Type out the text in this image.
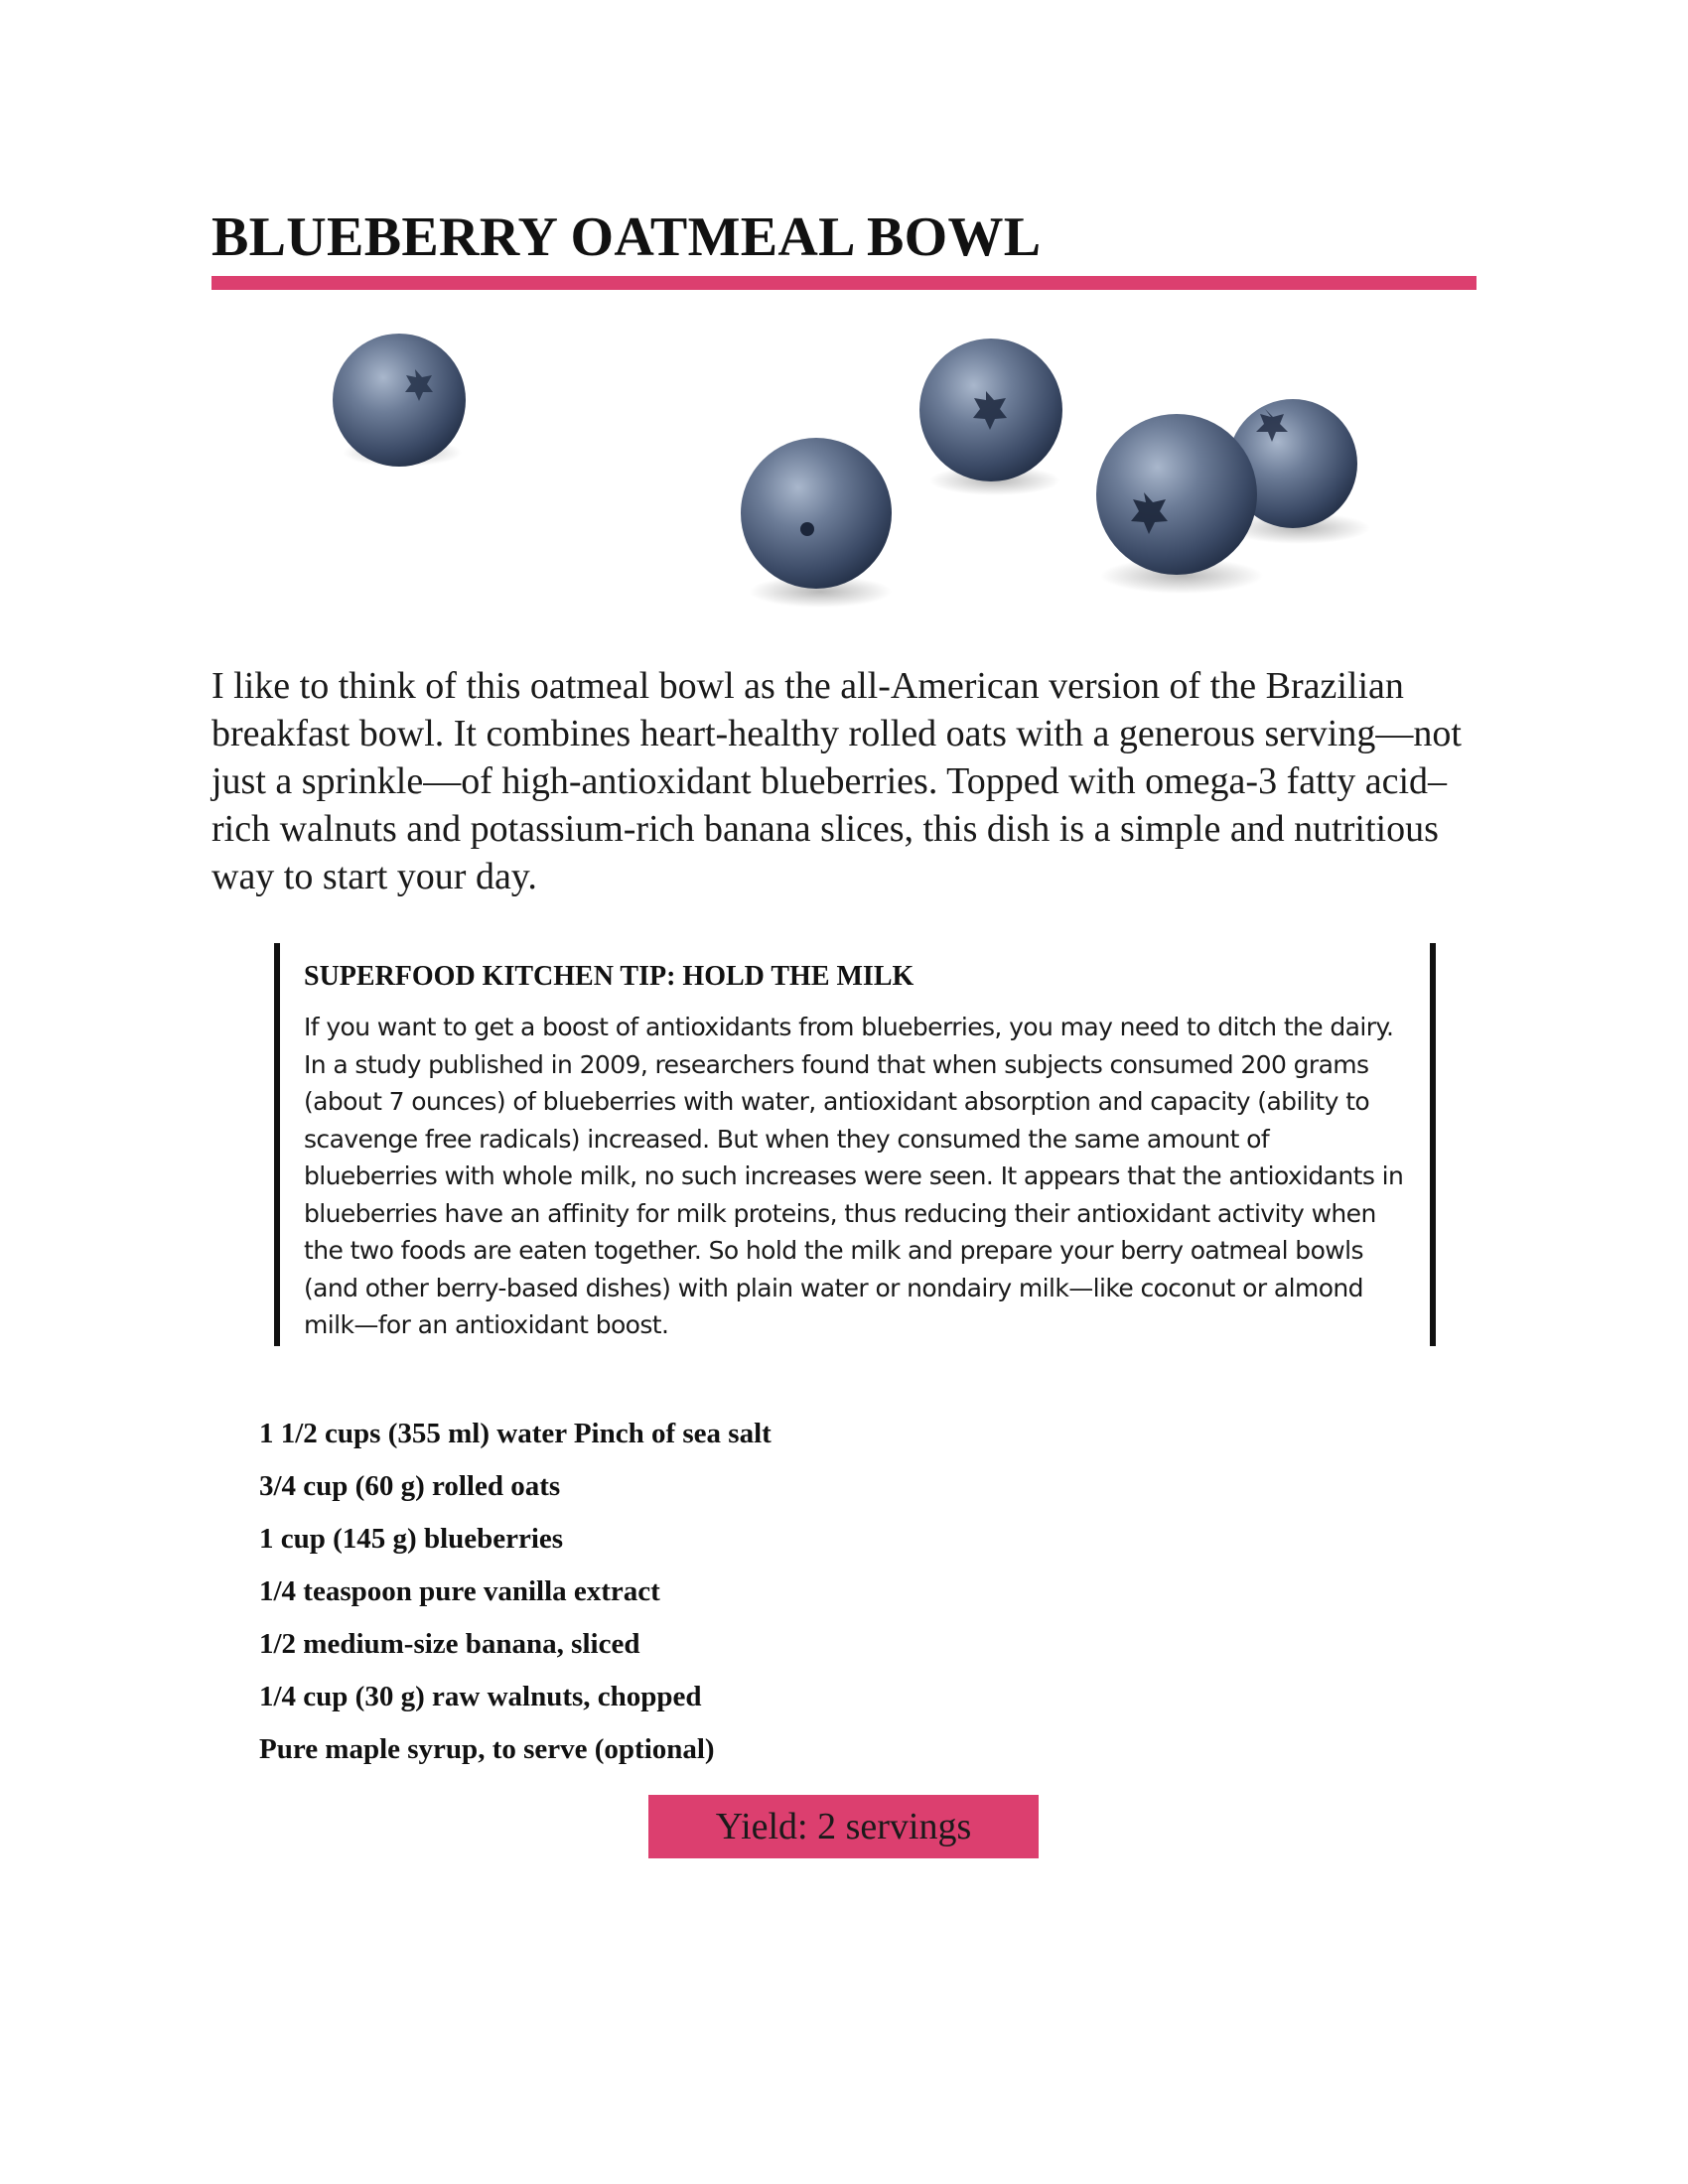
BLUEBERRY OATMEAL BOWL

I like to think of this oatmeal bowl as the all-American version of the Brazilian breakfast bowl. It combines heart-healthy rolled oats with a generous serving—not just a sprinkle—of high-antioxidant blueberries. Topped with omega-3 fatty acid–rich walnuts and potassium-rich banana slices, this dish is a simple and nutritious way to start your day.

SUPERFOOD KITCHEN TIP: HOLD THE MILK

If you want to get a boost of antioxidants from blueberries, you may need to ditch the dairy. In a study published in 2009, researchers found that when subjects consumed 200 grams (about 7 ounces) of blueberries with water, antioxidant absorption and capacity (ability to scavenge free radicals) increased. But when they consumed the same amount of blueberries with whole milk, no such increases were seen. It appears that the antioxidants in blueberries have an affinity for milk proteins, thus reducing their antioxidant activity when the two foods are eaten together. So hold the milk and prepare your berry oatmeal bowls (and other berry-based dishes) with plain water or nondairy milk—like coconut or almond milk—for an antioxidant boost.

1 1/2 cups (355 ml) water Pinch of sea salt
3/4 cup (60 g) rolled oats
1 cup (145 g) blueberries
1/4 teaspoon pure vanilla extract
1/2 medium-size banana, sliced
1/4 cup (30 g) raw walnuts, chopped
Pure maple syrup, to serve (optional)
Yield: 2 servings
